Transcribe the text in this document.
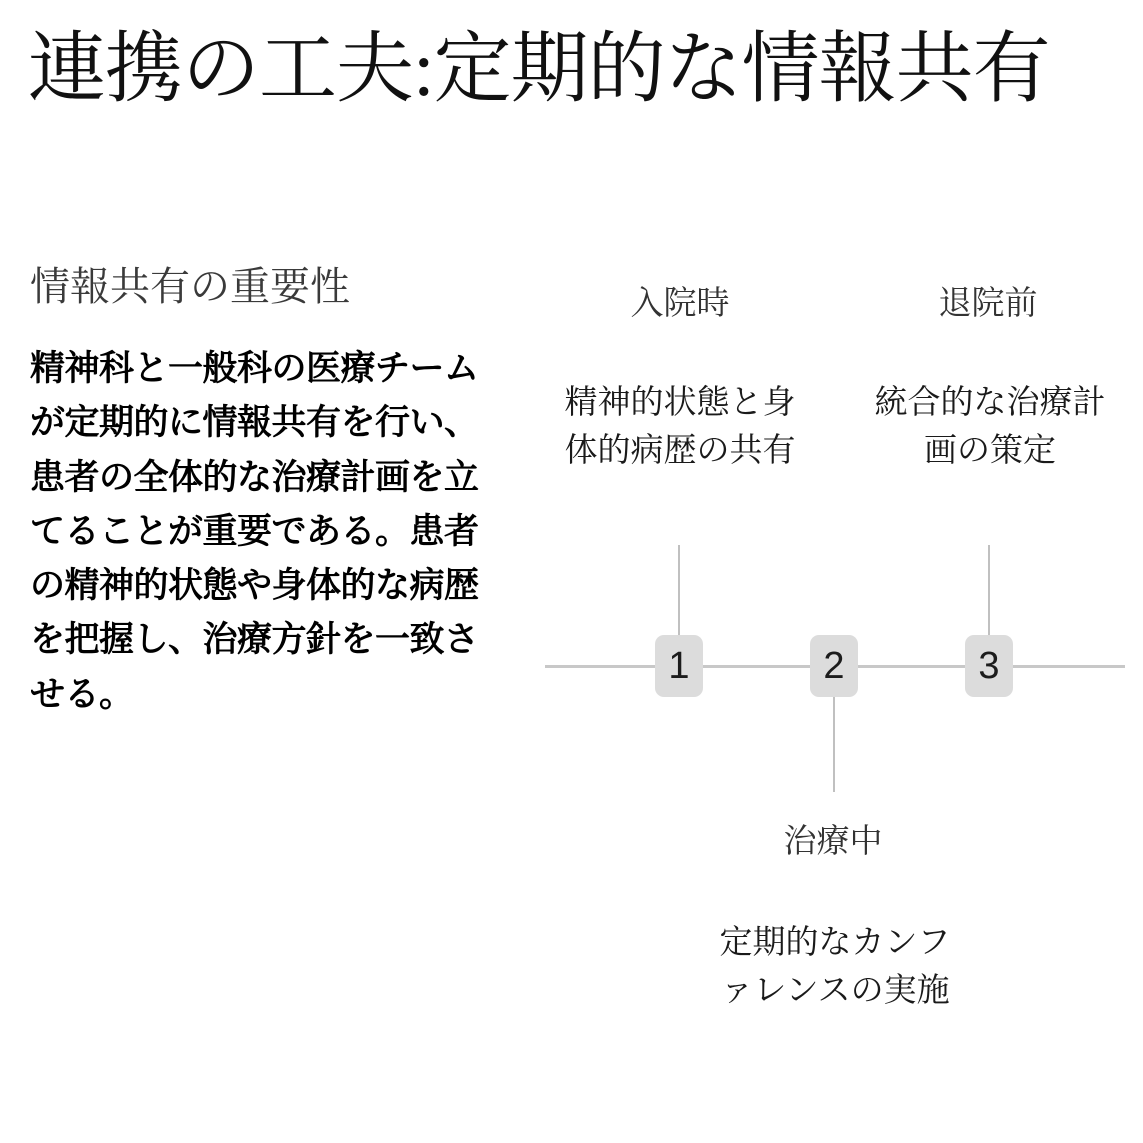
連携の工夫:定期的な情報共有
情報共有の重要性
精神科と一般科の医療チームが定期的に情報共有を行い、患者の全体的な治療計画を立てることが重要である。患者の精神的状態や身体的な病歴を把握し、治療方針を一致させる。
入院時
精神的状態と身体的病歴の共有
1	2
治療中
定期的なカンファレンスの実施
退院前
統合的な治療計画の策定
3
